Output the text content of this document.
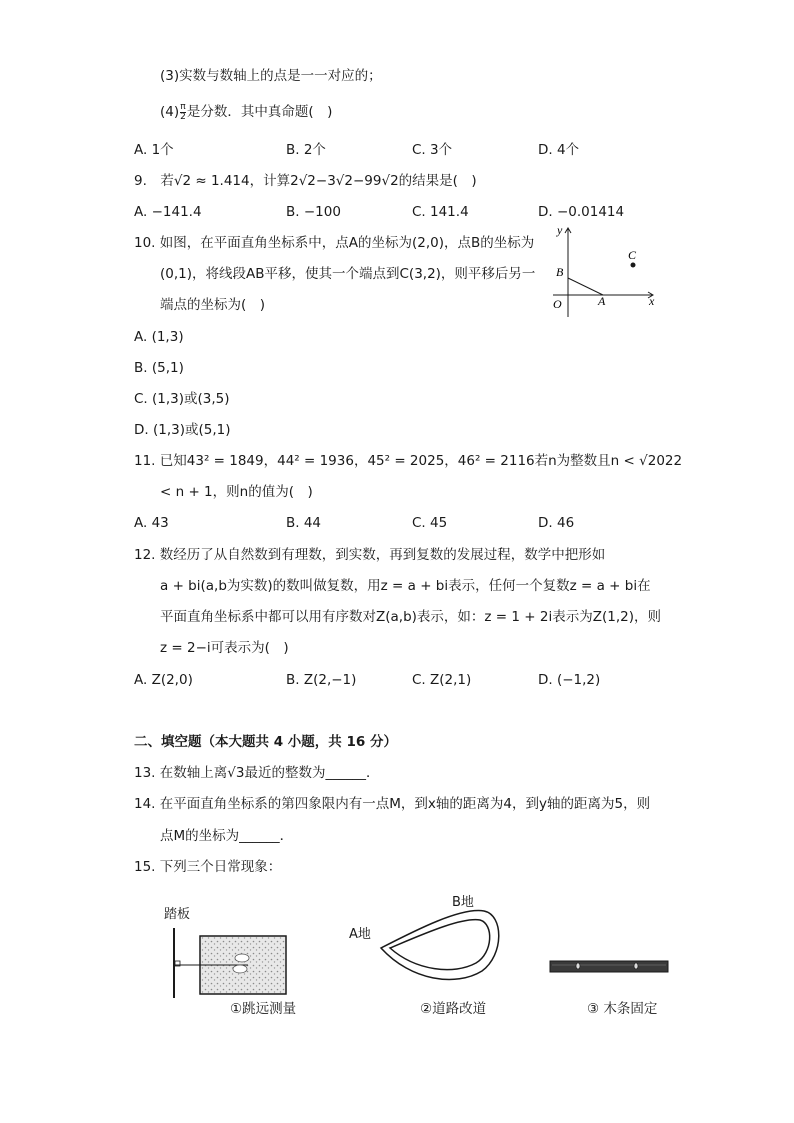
(3)实数与数轴上的点是一一对应的；
$(4) \frac{\pi}{2}$ 是分数．其中真命题(　)
A. 1个	B. 2个	C. 3个	D. 4个
9.　若√2 ≈ 1.414，计算2√2−3√2−99√2的结果是(　)
A. −141.4	B. −100	C. 141.4	D. −0.01414
10. 如图，在平面直角坐标系中，点A的坐标为(2,0)，点B的坐标为
(0,1)，将线段AB平移，使其一个端点到C(3,2)，则平移后另一
端点的坐标为(　)
y
x
O	A
B
C
A. (1,3)
B. (5,1)
C. (1,3)或(3,5)
D. (1,3)或(5,1)
11. 已知43² = 1849，44² = 1936，45² = 2025，46² = 2116若n为整数且n < √2022
< n + 1，则n的值为(　)
A. 43	B. 44	C. 45	D. 46
12. 数经历了从自然数到有理数，到实数，再到复数的发展过程，数学中把形如
a + bi(a,b为实数)的数叫做复数，用z = a + bi表示，任何一个复数z = a + bi在
平面直角坐标系中都可以用有序数对Z(a,b)表示，如：z = 1 + 2i表示为Z(1,2)，则
z = 2−i可表示为(　)
A. Z(2,0)	B. Z(2,−1)	C. Z(2,1)	D. (−1,2)
二、填空题（本大题共 4 小题，共 16 分）
13. 在数轴上离√3最近的整数为______．
14. 在平面直角坐标系的第四象限内有一点M，到x轴的距离为4，到y轴的距离为5，则
点M的坐标为______．
15. 下列三个日常现象：
踏板
①跳远测量
B地
A地
②道路改道	③ 木条固定
